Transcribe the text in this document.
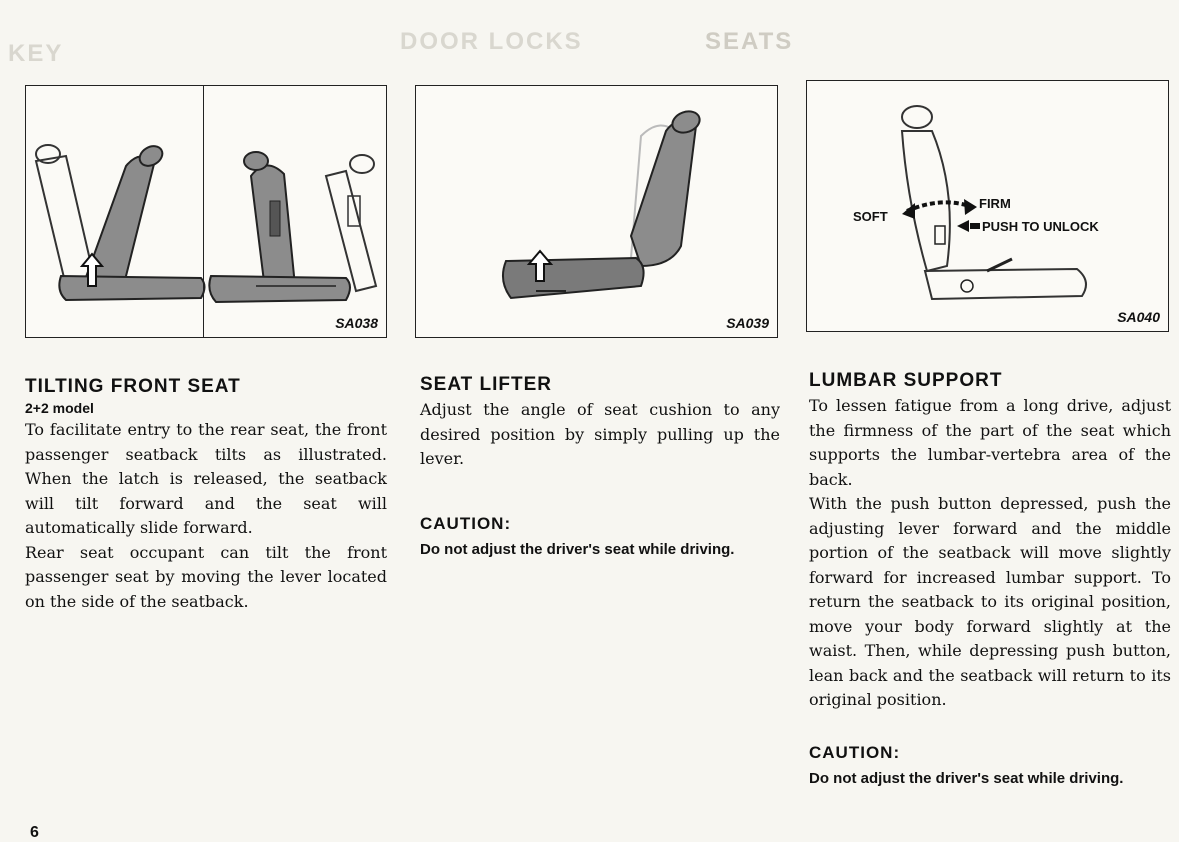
KEY	DOOR LOCKS	SEATS
SA038	SA039
FIRM
SOFT
PUSH TO UNLOCK
SA040
TILTING FRONT SEAT
2+2 model

To facilitate entry to the rear seat, the front passenger seatback tilts as illustrated. When the latch is released, the seatback will tilt forward and the seat will automatically slide forward.

Rear seat occupant can tilt the front passenger seat by moving the lever located on the side of the seatback.

SEAT LIFTER
Adjust the angle of seat cushion to any desired position by simply pulling up the lever.
CAUTION:
Do not adjust the driver's seat while driving.
LUMBAR SUPPORT

To lessen fatigue from a long drive, adjust the firmness of the part of the seat which supports the lumbar-vertebra area of the back.

With the push button depressed, push the adjusting lever forward and the middle portion of the seatback will move slightly forward for increased lumbar support. To return the seatback to its original position, move your body forward slightly at the waist. Then, while depressing push button, lean back and the seatback will return to its original position.

CAUTION:
Do not adjust the driver's seat while driving.
6
